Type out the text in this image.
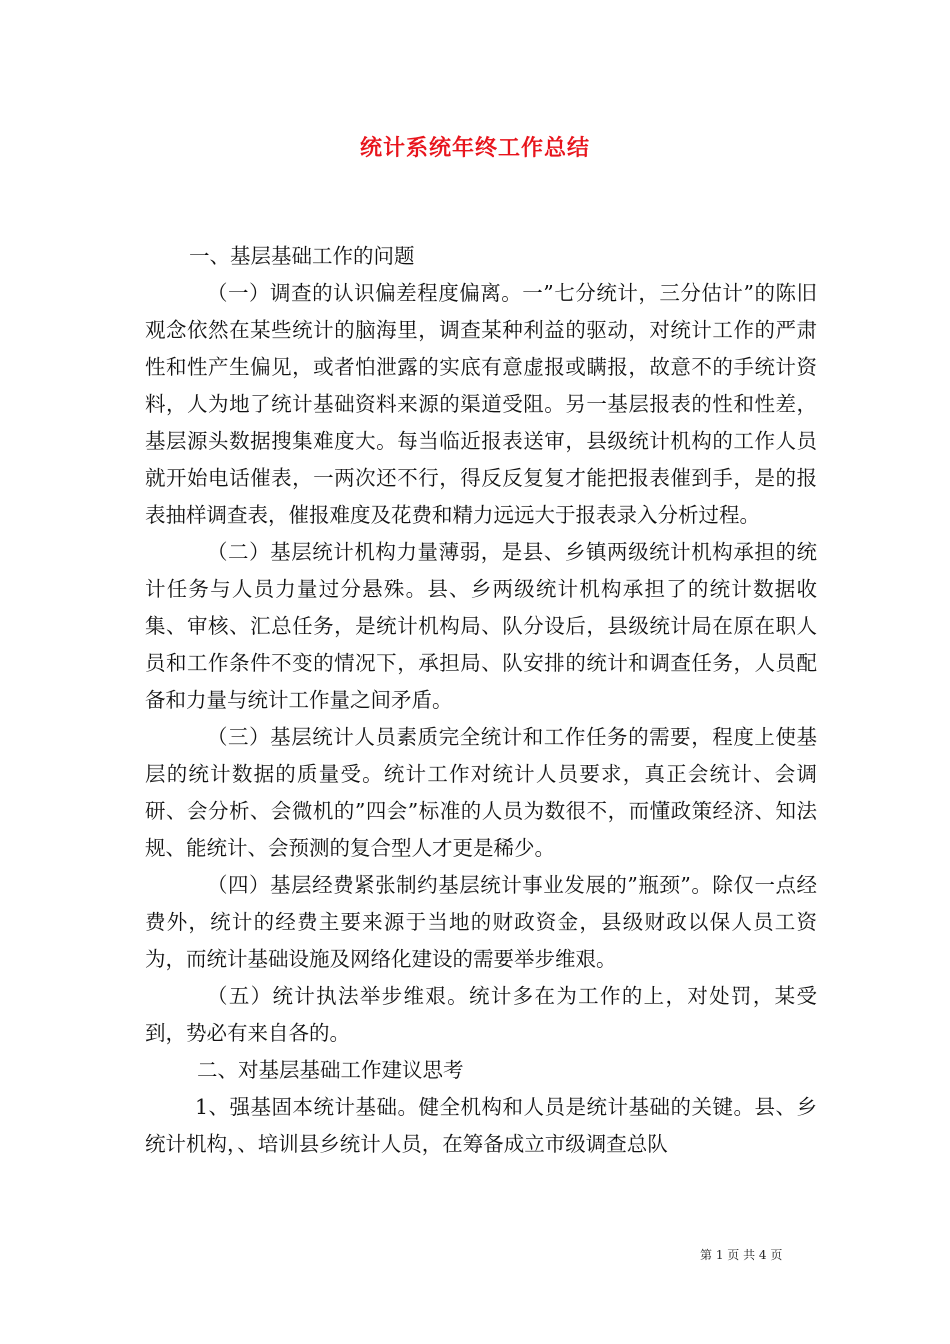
统计系统年终工作总结

一、基层基础工作的问题

（一）调查的认识偏差程度偏离。一”七分统计，三分估计”的陈旧观念依然在某些统计的脑海里，调查某种利益的驱动，对统计工作的严肃性和性产生偏见，或者怕泄露的实底有意虚报或瞒报，故意不的手统计资料，人为地了统计基础资料来源的渠道受阻。另一基层报表的性和性差，基层源头数据搜集难度大。每当临近报表送审，县级统计机构的工作人员就开始电话催表，一两次还不行，得反反复复才能把报表催到手，是的报表抽样调查表，催报难度及花费和精力远远大于报表录入分析过程。

（二）基层统计机构力量薄弱，是县、乡镇两级统计机构承担的统计任务与人员力量过分悬殊。县、乡两级统计机构承担了的统计数据收集、审核、汇总任务，是统计机构局、队分设后，县级统计局在原在职人员和工作条件不变的情况下，承担局、队安排的统计和调查任务，人员配备和力量与统计工作量之间矛盾。

（三）基层统计人员素质完全统计和工作任务的需要，程度上使基层的统计数据的质量受。统计工作对统计人员要求，真正会统计、会调研、会分析、会微机的”四会”标准的人员为数很不，而懂政策经济、知法规、能统计、会预测的复合型人才更是稀少。

（四）基层经费紧张制约基层统计事业发展的”瓶颈”。除仅一点经费外，统计的经费主要来源于当地的财政资金，县级财政以保人员工资为，而统计基础设施及网络化建设的需要举步维艰。

（五）统计执法举步维艰。统计多在为工作的上，对处罚，某受到，势必有来自各的。

二、对基层基础工作建议思考

1、强基固本统计基础。健全机构和人员是统计基础的关键。县、乡统计机构，、培训县乡统计人员，在筹备成立市级调查总队

第 1 页 共 4 页
